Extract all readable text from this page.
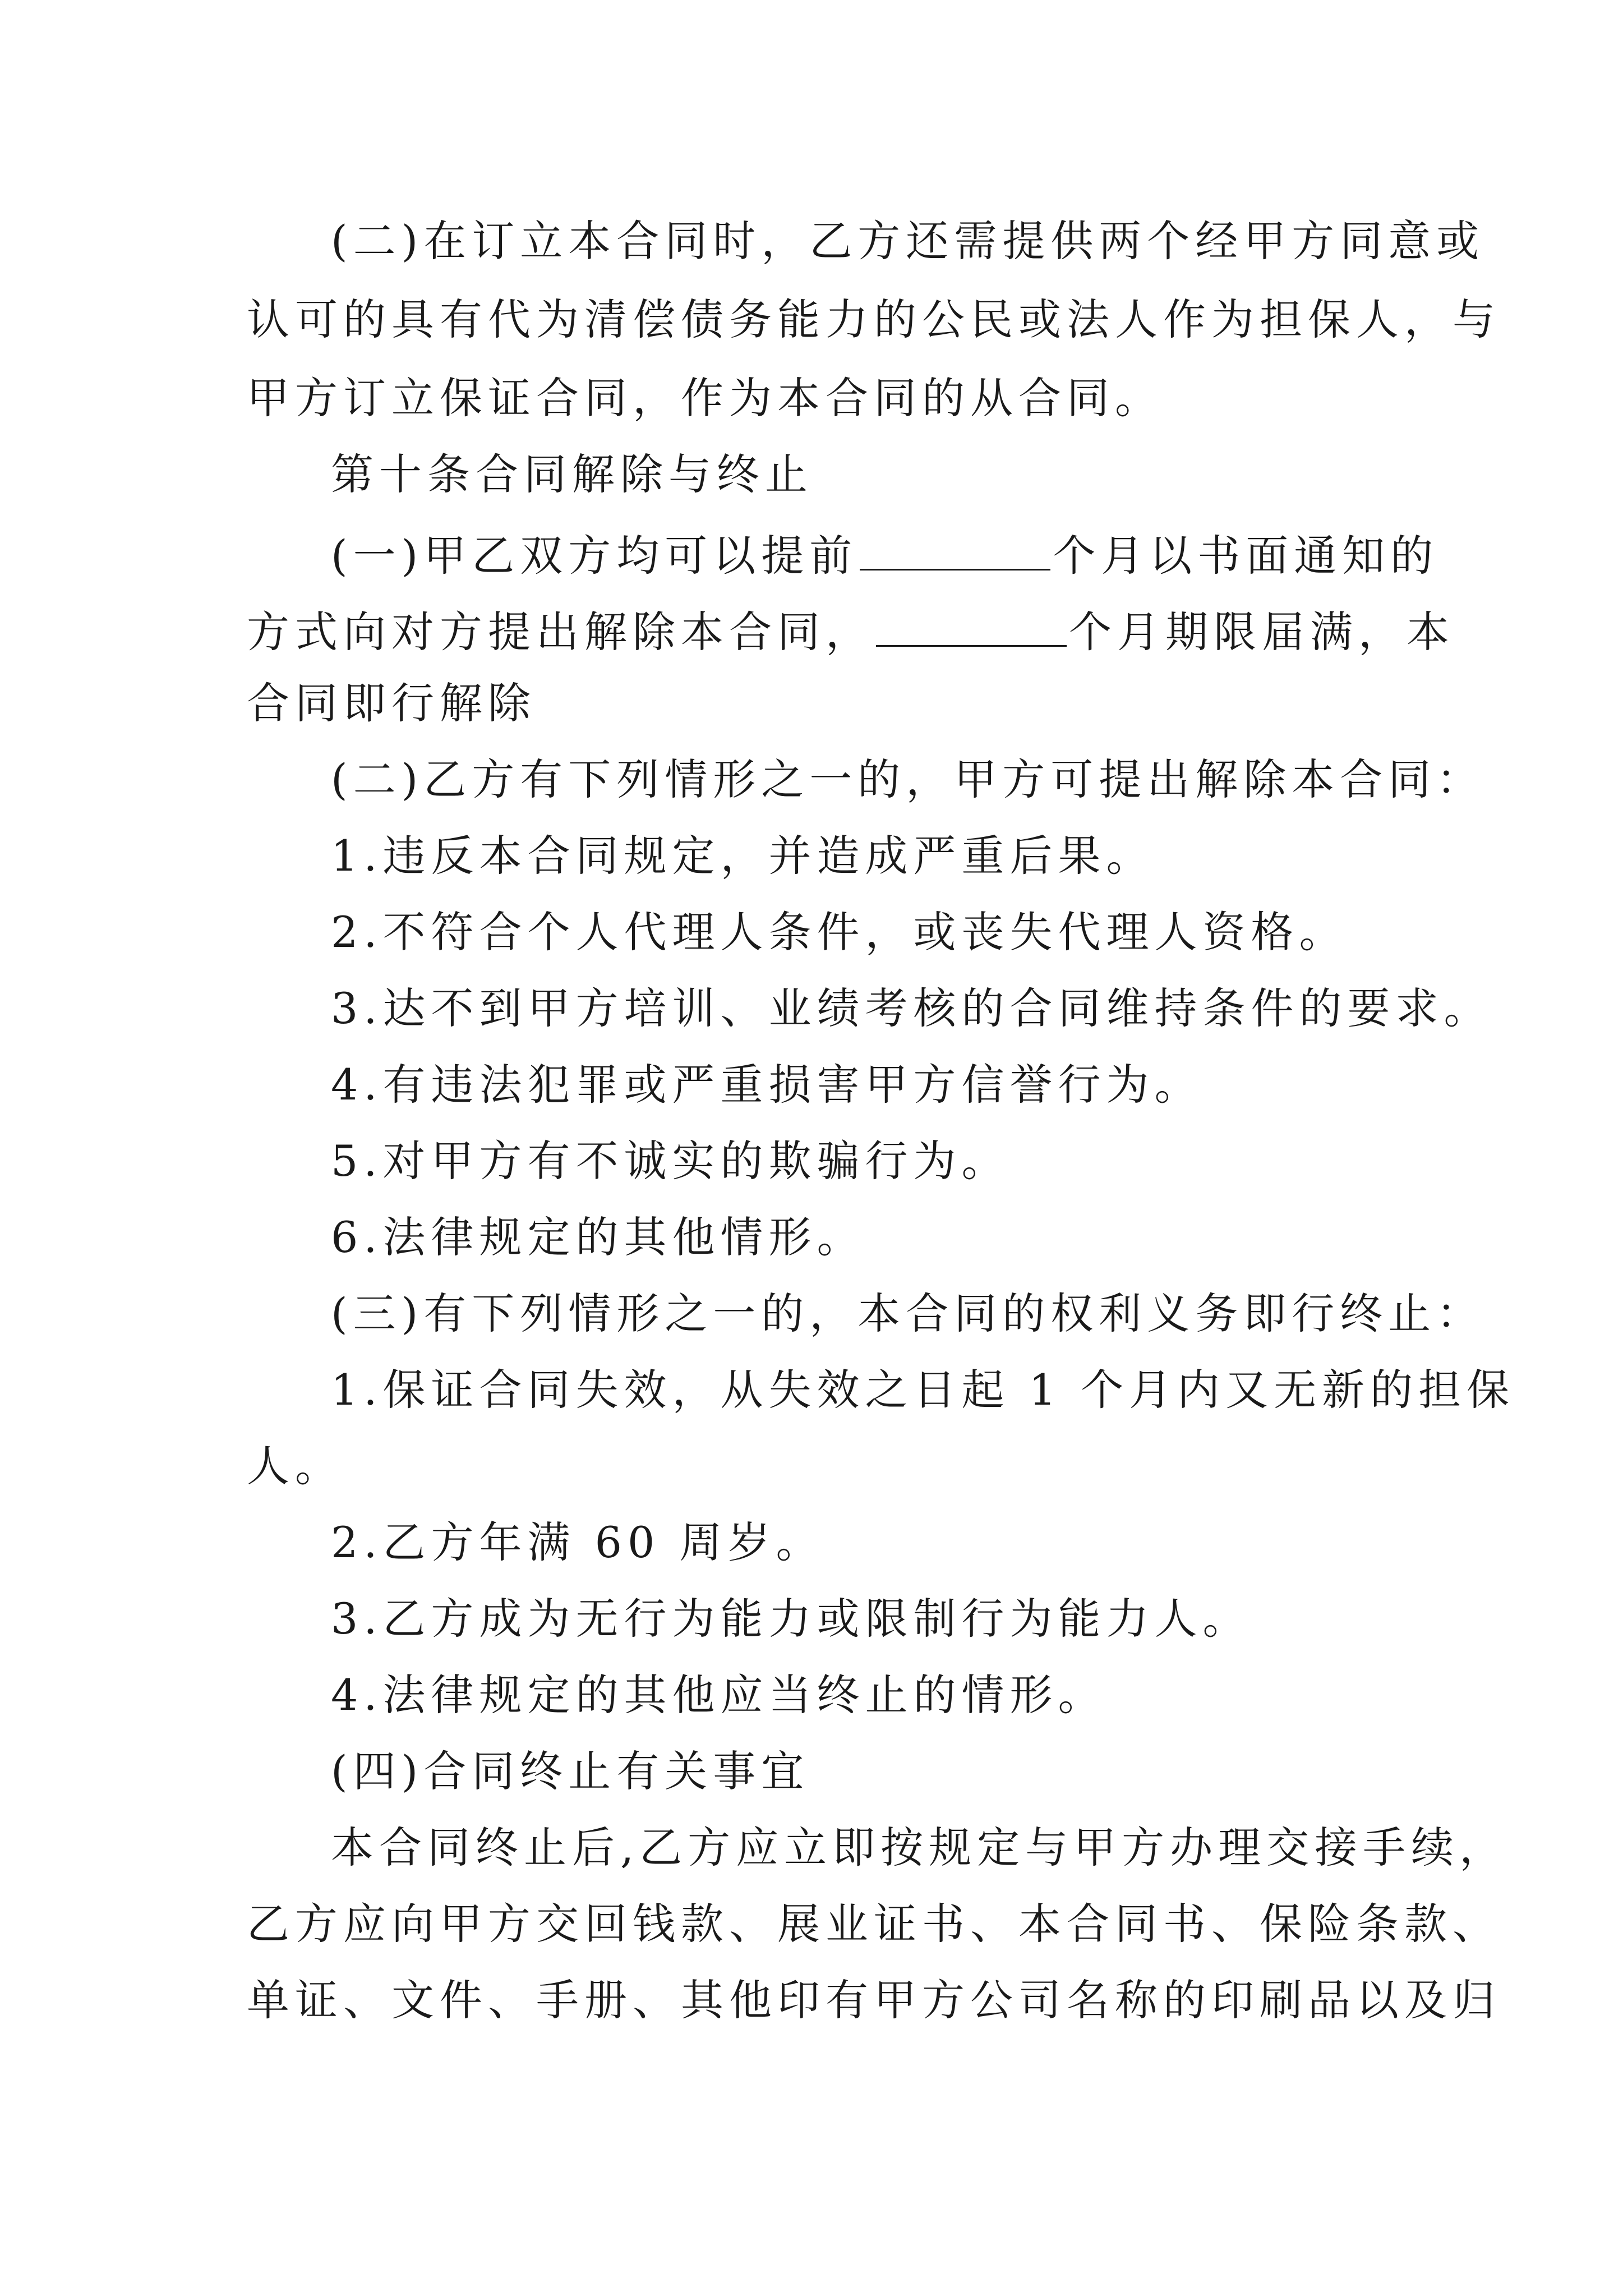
(二)在订立本合同时，乙方还需提供两个经甲方同意或
认可的具有代为清偿债务能力的公民或法人作为担保人，与
甲方订立保证合同，作为本合同的从合同。
第十条合同解除与终止
(一)甲乙双方均可以提前	个月以书面通知的
方式向对方提出解除本合同，	个月期限届满，本
合同即行解除
(二)乙方有下列情形之一的，甲方可提出解除本合同：
1.违反本合同规定，并造成严重后果。
2.不符合个人代理人条件，或丧失代理人资格。
3.达不到甲方培训、业绩考核的合同维持条件的要求。
4.有违法犯罪或严重损害甲方信誉行为。
5.对甲方有不诚实的欺骗行为。
6.法律规定的其他情形。
(三)有下列情形之一的，本合同的权利义务即行终止：
1.保证合同失效，从失效之日起 1 个月内又无新的担保
人。
2.乙方年满 60 周岁。
3.乙方成为无行为能力或限制行为能力人。
4.法律规定的其他应当终止的情形。
(四)合同终止有关事宜
本合同终止后,乙方应立即按规定与甲方办理交接手续，
乙方应向甲方交回钱款、展业证书、本合同书、保险条款、
单证、文件、手册、其他印有甲方公司名称的印刷品以及归
